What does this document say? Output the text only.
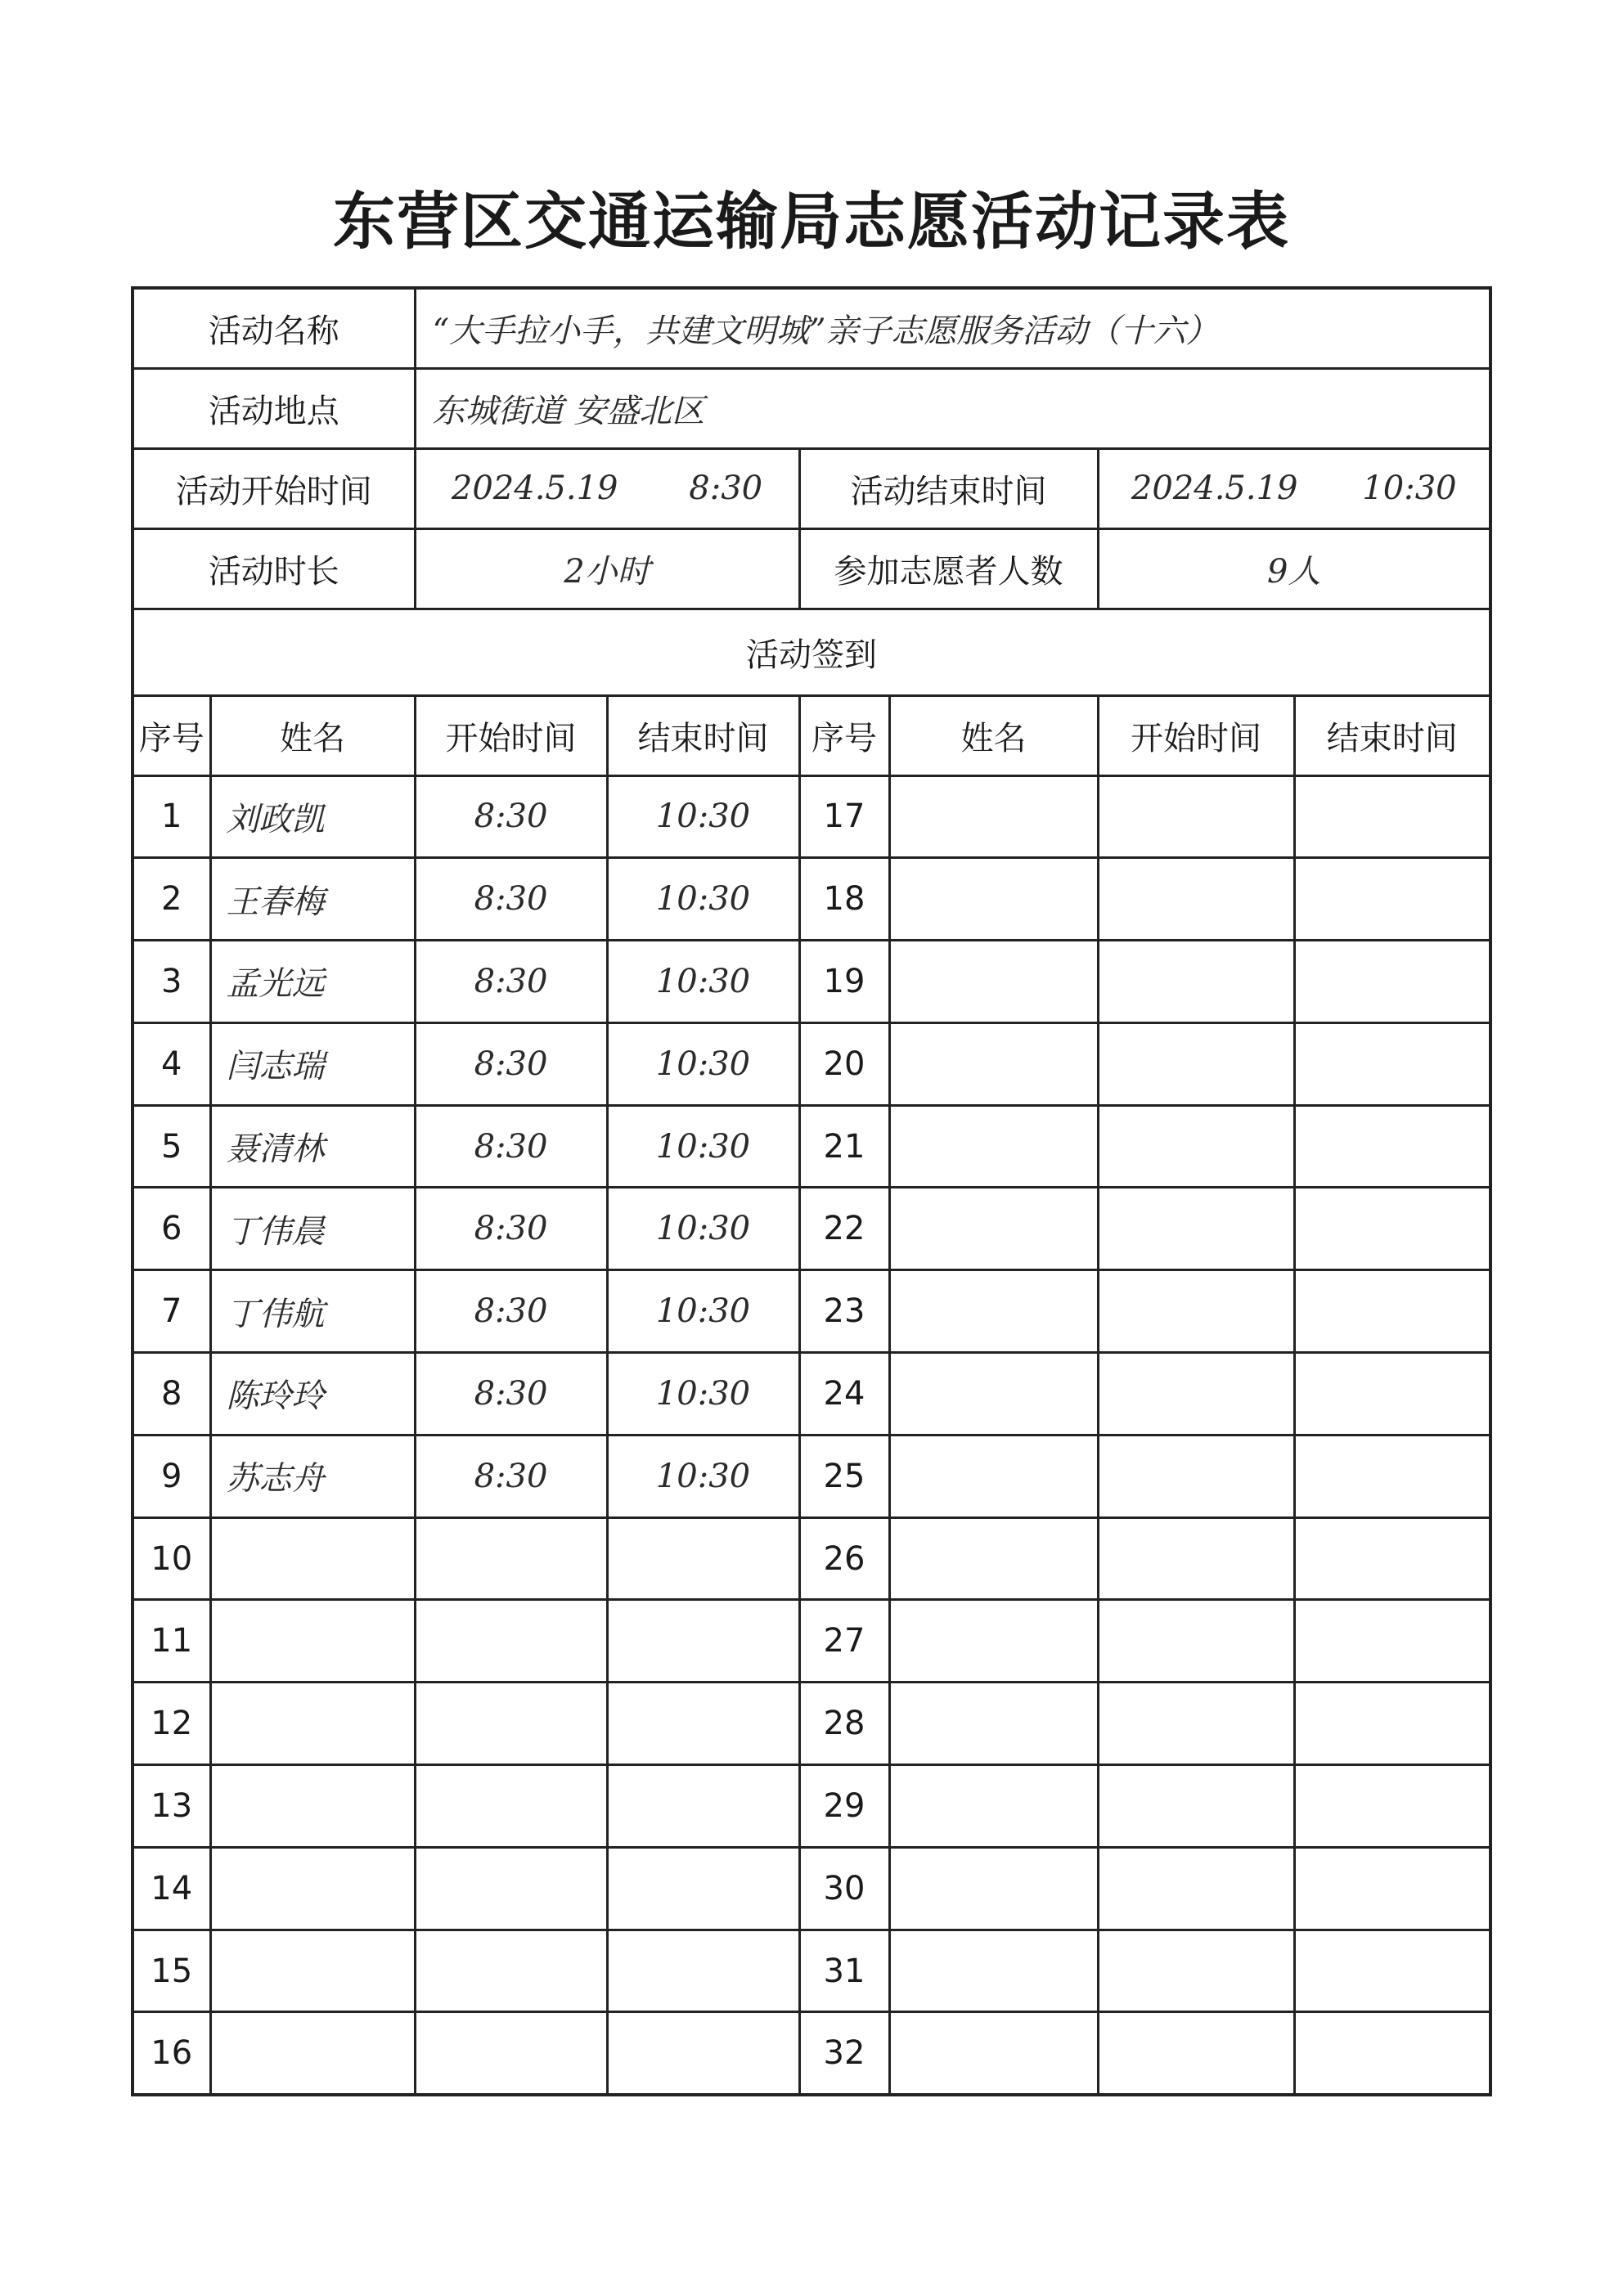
东营区交通运输局志愿活动记录表
活动名称		“大手拉小手，共建文明城”亲子志愿服务活动（十六）					
活动地点		东城街道 安盛北区					
活动开始时间		2024.5.19 8:30		活动结束时间		2024.5.19 10:30	

活动时长		2小时		参加志愿者人数		9人	
活动签到							
序号	姓名	开始时间	结束时间	序号	姓名	开始时间	结束时间
1	刘政凯	8:30	10:30	17			
2	王春梅	8:30	10:30	18			
3	孟光远	8:30	10:30	19			
4	闫志瑞	8:30	10:30	20			
5	聂清林	8:30	10:30	21			
6	丁伟晨	8:30	10:30	22			
7	丁伟航	8:30	10:30	23			
8	陈玲玲	8:30	10:30	24			
9	苏志舟	8:30	10:30	25			
10				26			
11				27			
12				28			
13				29			
14				30			
15				31			
16				32			
